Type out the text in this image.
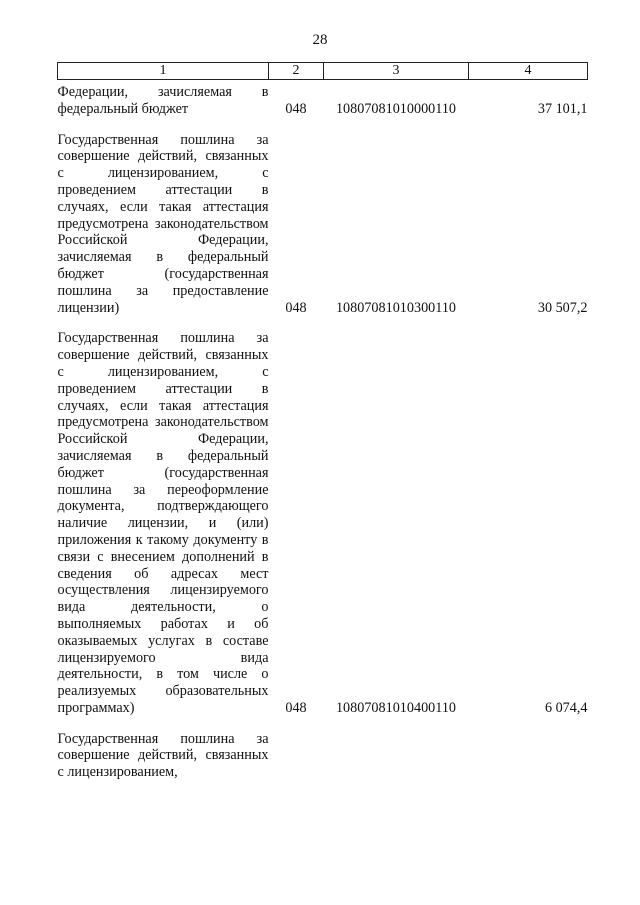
28
1	2	3	4
Федерации, зачисляемая в федеральный бюджет	048	10807081010000110	37 101,1
Государственная пошлина за совершение действий, связанных с лицензированием, с проведением аттестации в случаях, если такая аттестация предусмотрена законодательством Российской Федерации, зачисляемая в федеральный бюджет (государственная пошлина за предоставление лицензии)	048	10807081010300110	30 507,2
Государственная пошлина за совершение действий, связанных с лицензированием, с проведением аттестации в случаях, если такая аттестация предусмотрена законодательством Российской Федерации, зачисляемая в федеральный бюджет (государственная пошлина за переоформление документа, подтверждающего наличие лицензии, и (или) приложения к такому документу в связи с внесением дополнений в сведения об адресах мест осуществления лицензируемого вида деятельности, о выполняемых работах и об оказываемых услугах в составе лицензируемого вида деятельности, в том числе о реализуемых образовательных программах)	048	10807081010400110	6 074,4
Государственная пошлина за совершение действий, связанных с лицензированием,			
